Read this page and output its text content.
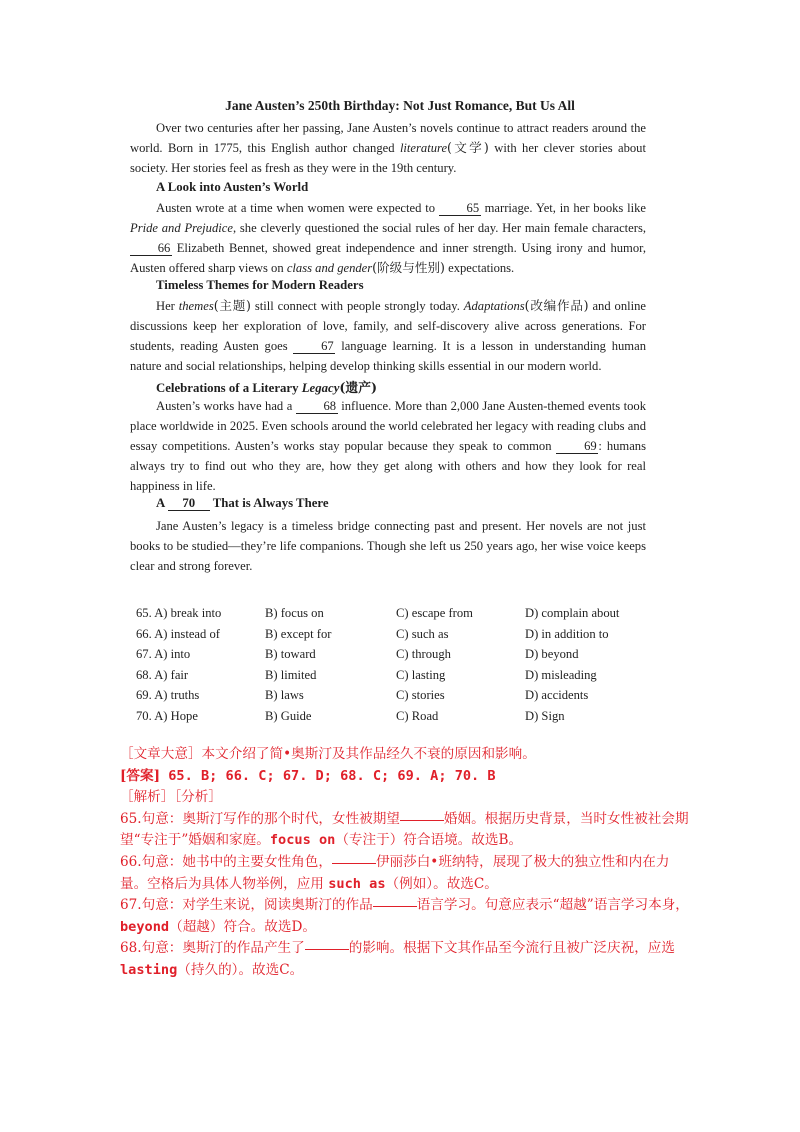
Jane Austen’s 250th Birthday: Not Just Romance, But Us All

Over two centuries after her passing, Jane Austen’s novels continue to attract readers around the world. Born in 1775, this English author changed literature(文学) with her clever stories about society. Her stories feel as fresh as they were in the 19th century.

A Look into Austen’s World

Austen wrote at a time when women were expected to 65 marriage. Yet, in her books like Pride and Prejudice, she cleverly questioned the social rules of her day. Her main female characters, 66 Elizabeth Bennet, showed great independence and inner strength. Using irony and humor, Austen offered sharp views on class and gender(阶级与性别) expectations.

Timeless Themes for Modern Readers

Her themes(主题) still connect with people strongly today. Adaptations(改编作品) and online discussions keep her exploration of love, family, and self-discovery alive across generations. For students, reading Austen goes 67 language learning. It is a lesson in understanding human nature and social relationships, helping develop thinking skills essential in our modern world.

Celebrations of a Literary Legacy(遗产)

Austen’s works have had a 68 influence. More than 2,000 Jane Austen-themed events took place worldwide in 2025. Even schools around the world celebrated her legacy with reading clubs and essay competitions. Austen’s works stay popular because they speak to common 69 : humans always try to find out who they are, how they get along with others and how they look for real happiness in life.

A 70 That is Always There

Jane Austen’s legacy is a timeless bridge connecting past and present. Her novels are not just books to be studied—they’re life companions. Though she left us 250 years ago, her wise voice keeps clear and strong forever.

65. A) break into	B) focus on	C) escape from	D) complain about
66. A) instead of	B) except for	C) such as	D) in addition to
67. A) into	B) toward	C) through	D) beyond
68. A) fair	B) limited	C) lasting	D) misleading
69. A) truths	B) laws	C) stories	D) accidents
70. A) Hope	B) Guide	C) Road	D) Sign
［文章大意］本文介绍了简•奥斯汀及其作品经久不衰的原因和影响。
[答案] 65. B; 66. C; 67. D; 68. C; 69. A; 70. B
［解析］［分析］
65.句意：奥斯汀写作的那个时代，女性被期望	婚姻。根据历史背景，当时女性被社会期望“专注于”婚姻和家庭。focus on（专注于）符合语境。故选B。
66.句意：她书中的主要女性角色，	伊丽莎白•班纳特，展现了极大的独立性和内在力量。空格后为具体人物举例，应用 such as（例如）。故选C。
67.句意：对学生来说，阅读奥斯汀的作品	语言学习。句意应表示“超越”语言学习本身，beyond（超越）符合。故选D。
68.句意：奥斯汀的作品产生了	的影响。根据下文其作品至今流行且被广泛庆祝，应选 lasting（持久的）。故选C。
